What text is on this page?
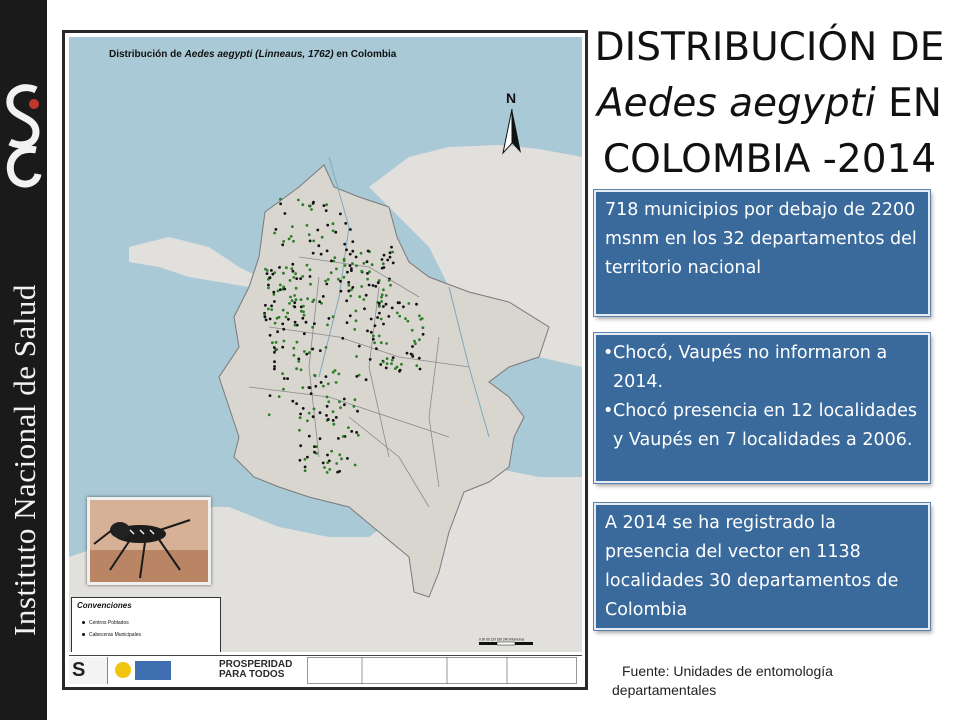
Instituto Nacional de Salud
Distribución de Aedes aegypti (Linneaus, 1762) en Colombia
N
Convenciones
Centros Poblados
Cabeceras Municipales
0 30 60 120 180 240 Kilometros
S	PROSPERIDAD
PARA TODOS
DISTRIBUCIÓN DE
Aedes aegypti EN
COLOMBIA -2014
718 municipios por debajo de 2200 msnm en los 32 departamentos del territorio nacional
• Chocó, Vaupés no informaron a 2014.
• Chocó presencia en 12 localidades y Vaupés en 7 localidades a 2006.
A 2014 se ha registrado la presencia del vector en 1138 localidades 30 departamentos de Colombia
Fuente: Unidades de entomología
departamentales
